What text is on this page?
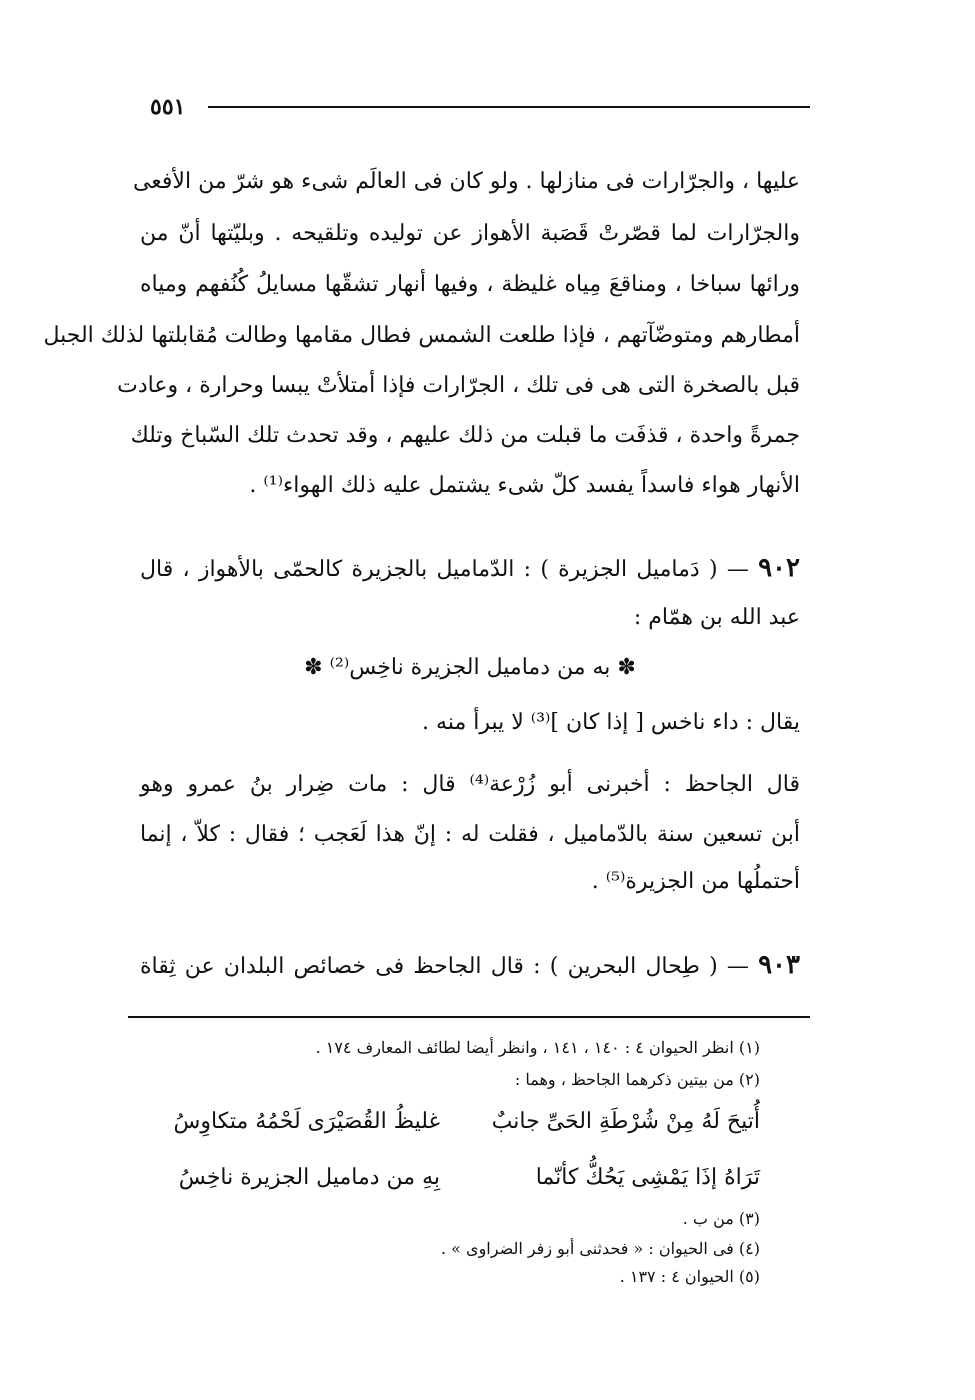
٥٥١
عليها ، والجرّارات فى منازلها . ولو كان فى العالَم شىء هو شرّ من الأفعى
والجرّارات لما قصّرتْ قَصَبة الأهواز عن توليده وتلقيحه . وبليّتها أنّ من
ورائها سباخا ، ومناقعَ مِياه غليظة ، وفيها أنهار تشقّها مسايلُ كُنُفهم ومياه
أمطارهم ومتوضّآتهم ، فإذا طلعت الشمس فطال مقامها وطالت مُقابلتها لذلك الجبل
قبل بالصخرة التى هى فى تلك ، الجرّارات فإذا أمتلأتْ يبسا وحرارة ، وعادت
جمرةً واحدة ، قذفَت ما قبلت من ذلك عليهم ، وقد تحدث تلك السّباخ وتلك
الأنهار هواء فاسداً يفسد كلّ شىء يشتمل عليه ذلك الهواء⁽¹⁾ .
٩٠٢ — ( دَماميل الجزيرة ) : الدّماميل بالجزيرة كالحمّى بالأهواز ، قال
عبد الله بن همّام :
✽ به من دماميل الجزيرة ناخِس⁽²⁾ ✽
يقال : داء ناخس [ إذا كان ]⁽³⁾ لا يبرأ منه .
قال الجاحظ : أخبرنى أبو زُرْعة⁽⁴⁾ قال : مات ضِرار بنُ عمرو وهو
أبن تسعين سنة بالدّماميل ، فقلت له : إنّ هذا لَعَجب ؛ فقال : كلاّ ، إنما
أحتملُها من الجزيرة⁽⁵⁾ .
٩٠٣ — ( طِحال البحرين ) : قال الجاحظ فى خصائص البلدان عن ثِقاة
(١) انظر الحيوان ٤ : ١٤٠ ، ١٤١ ، وانظر أيضا لطائف المعارف ١٧٤ .
(٢) من بيتين ذكرهما الجاحظ ، وهما :
أُتيحَ لَهُ مِنْ شُرْطَةِ الحَىِّ جانبٌ
غليظُ القُصَيْرَى لَحْمُهُ متكاوِسُ
تَرَاهُ إذَا يَمْشِى يَحُكُّ كأنّما
بِهِ من دماميل الجزيرة ناخِسُ
(٣) من ب .
(٤) فى الحيوان : « فحدثنى أبو زفر الضراوى » .
(٥) الحيوان ٤ : ١٣٧ .
